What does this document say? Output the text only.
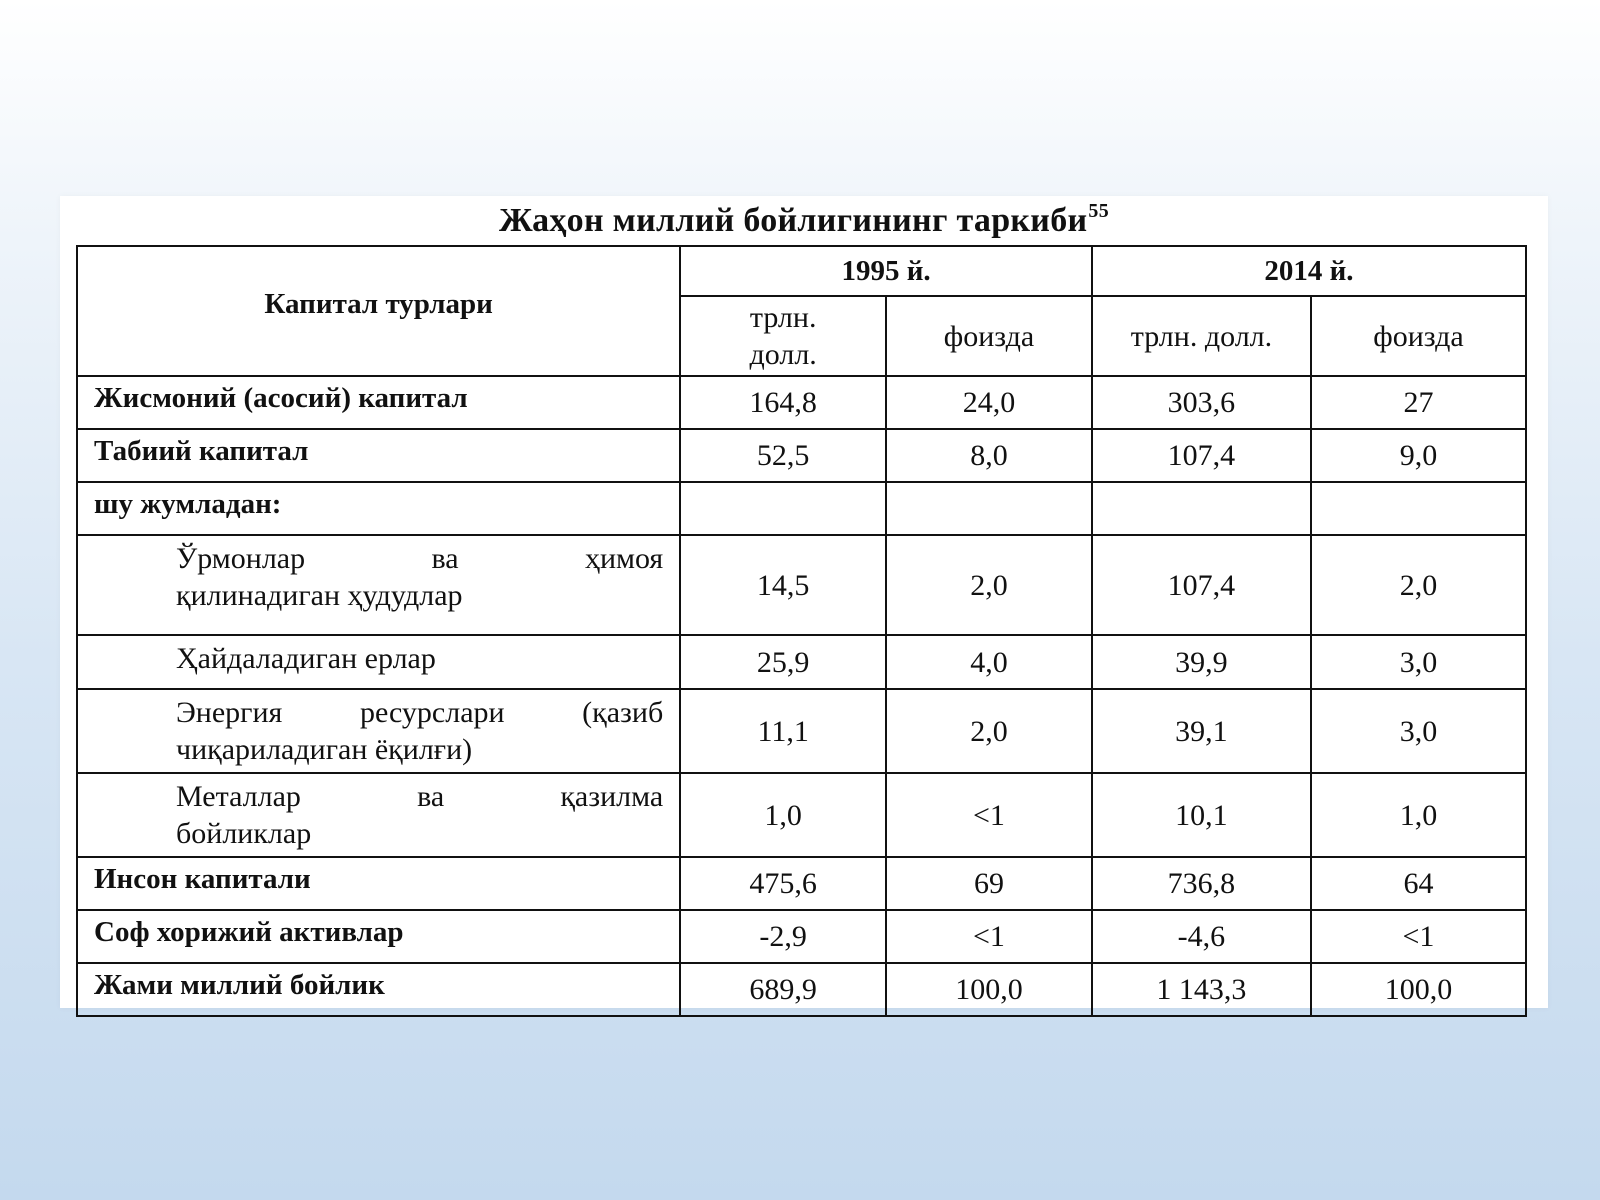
Жаҳон миллий бойлигининг таркиби$^{55}$
Капитал турлари	1995 й.		2014 й.	
	трлн. долл.	фоизда	трлн. долл.	фоизда
Жисмоний (асосий) капитал	164,8	24,0	303,6	27
Табиий капитал	52,5	8,0	107,4	9,0
шу жумладан:				

Ўрмонлар ва ҳимоя
қилинадиган ҳудудлар	14,5	2,0	107,4	2,0
Ҳайдаладиган ерлар	25,9	4,0	39,9	3,0

Энергия ресурслари (қазиб
чиқариладиган ёқилғи)	11,1	2,0	39,1	3,0

Металлар ва қазилма
бойликлар	1,0	<1	10,1	1,0
Инсон капитали	475,6	69	736,8	64
Соф хорижий активлар	-2,9	<1	-4,6	<1
Жами миллий бойлик	689,9	100,0	1 143,3	100,0
